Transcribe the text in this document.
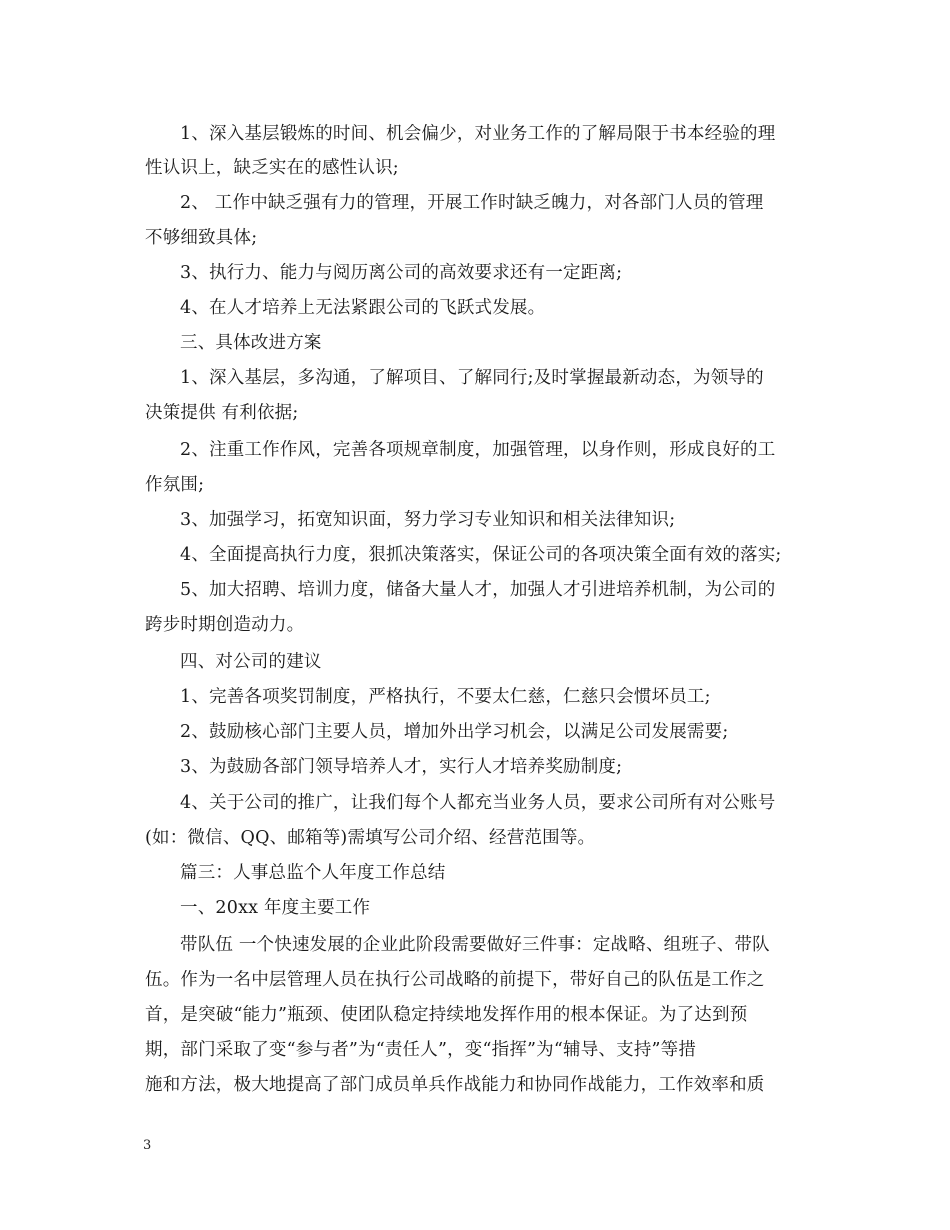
1、深入基层锻炼的时间、机会偏少，对业务工作的了解局限于书本经验的理
性认识上，缺乏实在的感性认识;
2、 工作中缺乏强有力的管理，开展工作时缺乏魄力，对各部门人员的管理
不够细致具体;
3、执行力、能力与阅历离公司的高效要求还有一定距离;
4、在人才培养上无法紧跟公司的飞跃式发展。
三、具体改进方案
1、深入基层，多沟通，了解项目、了解同行;及时掌握最新动态，为领导的
决策提供 有利依据;
2、注重工作作风，完善各项规章制度，加强管理，以身作则，形成良好的工
作氛围;
3、加强学习，拓宽知识面，努力学习专业知识和相关法律知识;
4、全面提高执行力度，狠抓决策落实，保证公司的各项决策全面有效的落实;
5、加大招聘、培训力度，储备大量人才，加强人才引进培养机制，为公司的
跨步时期创造动力。
四、对公司的建议
1、完善各项奖罚制度，严格执行，不要太仁慈，仁慈只会惯坏员工;
2、鼓励核心部门主要人员，增加外出学习机会，以满足公司发展需要;
3、为鼓励各部门领导培养人才，实行人才培养奖励制度;
4、关于公司的推广，让我们每个人都充当业务人员，要求公司所有对公账号
(如：微信、QQ、邮箱等)需填写公司介绍、经营范围等。
篇三：人事总监个人年度工作总结
一、20xx 年度主要工作
带队伍 一个快速发展的企业此阶段需要做好三件事：定战略、组班子、带队
伍。作为一名中层管理人员在执行公司战略的前提下，带好自己的队伍是工作之
首，是突破“能力”瓶颈、使团队稳定持续地发挥作用的根本保证。为了达到预
期，部门采取了变“参与者”为“责任人”，变“指挥”为“辅导、支持”等措
施和方法，极大地提高了部门成员单兵作战能力和协同作战能力，工作效率和质
3
